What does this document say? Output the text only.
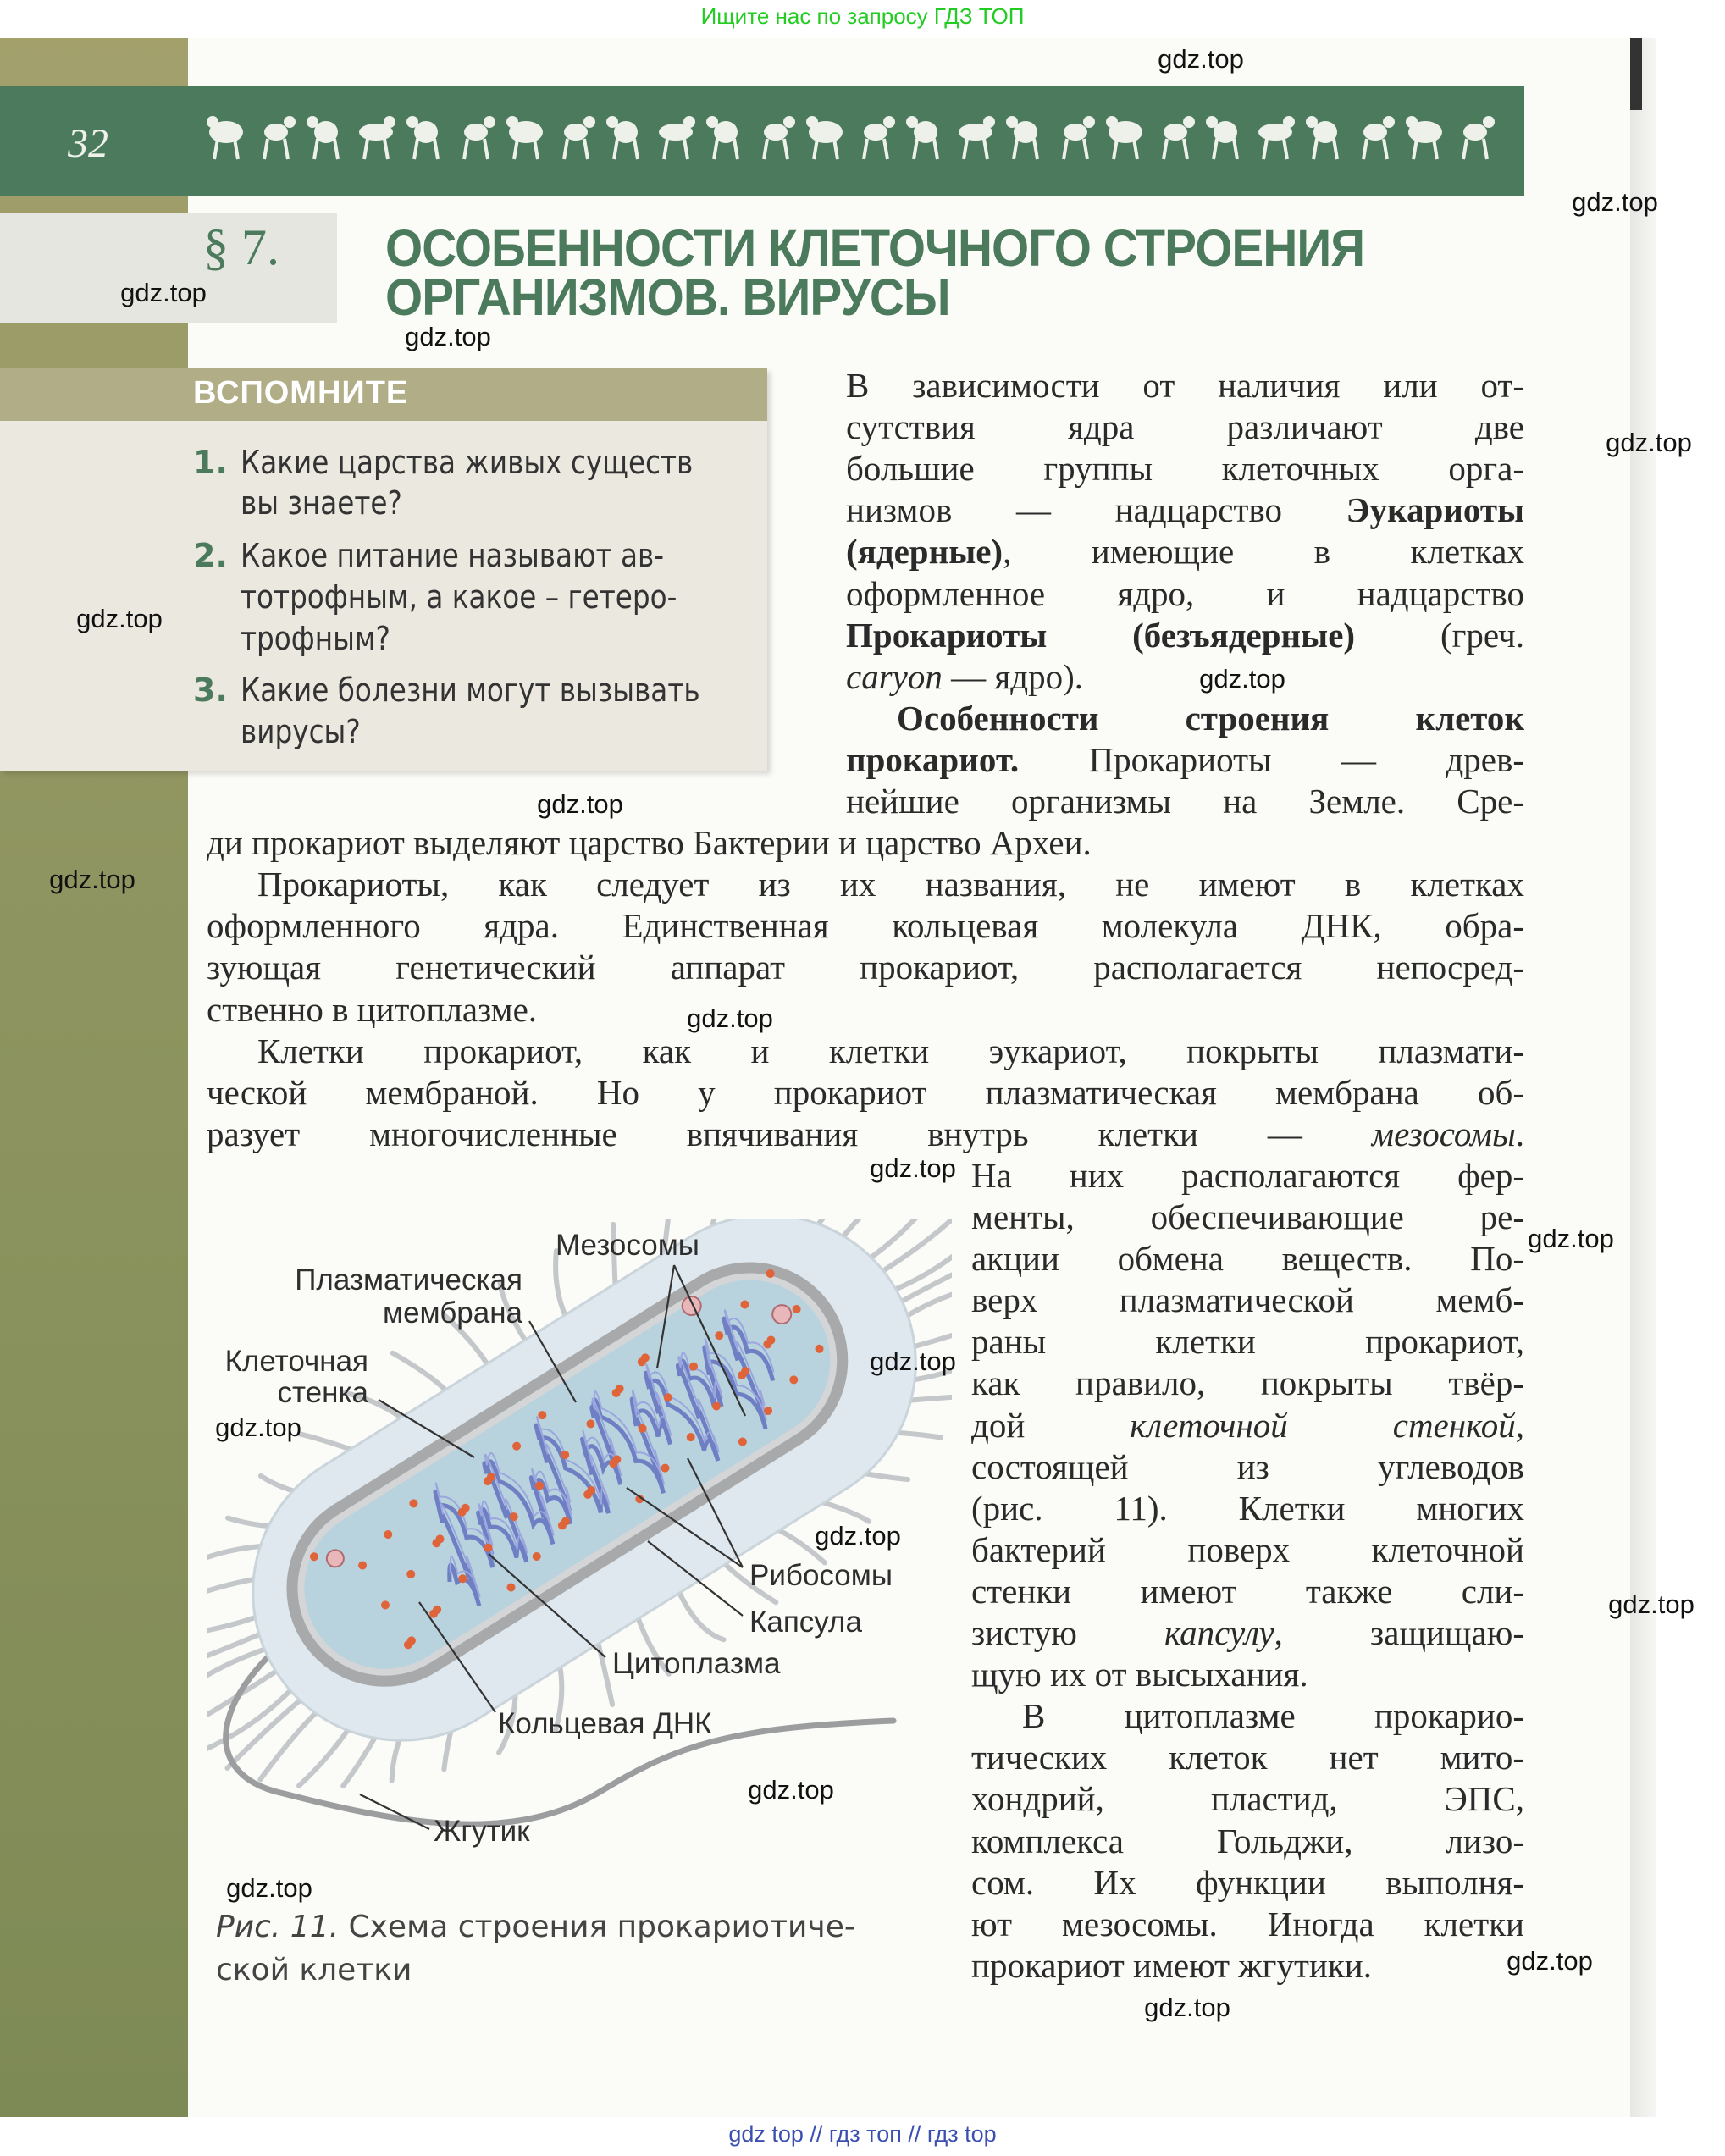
Ищите нас по запросу ГДЗ ТОП
32
§ 7. ОСОБЕННОСТИ КЛЕТОЧНОГО СТРОЕНИЯ
ОРГАНИЗМОВ. ВИРУСЫ
ВСПОМНИТЕ
1. Какие царства живых существ
вы знаете?
2. Какое питание называют ав-
тотрофным, а какое – гетеро-
трофным?
3. Какие болезни могут вызывать
вирусы?
В зависимости от наличия или от-
сутствия ядра различают две
большие группы клеточных орга-
низмов — надцарство Эукариоты
(ядерные), имеющие в клетках
оформленное ядро, и надцарство
Прокариоты (безъядерные) (греч.
caryon — ядро).
Особенности строения клеток
прокариот. Прокариоты — древ-
нейшие организмы на Земле. Сре-
ди прокариот выделяют царство Бактерии и царство Археи.
Прокариоты, как следует из их названия, не имеют в клетках
оформленного ядра. Единственная кольцевая молекула ДНК, обра-
зующая генетический аппарат прокариот, располагается непосред-
ственно в цитоплазме.
Клетки прокариот, как и клетки эукариот, покрыты плазмати-
ческой мембраной. Но у прокариот плазматическая мембрана об-
разует многочисленные впячивания внутрь клетки — мезосомы.
На них располагаются фер-
менты, обеспечивающие ре-
акции обмена веществ. По-
верх плазматической мемб-
раны клетки прокариот,
как правило, покрыты твёр-
дой клеточной стенкой,
состоящей из углеводов
(рис. 11). Клетки многих
бактерий поверх клеточной
стенки имеют также сли-
зистую капсулу, защищаю-
щую их от высыхания.
В цитоплазме прокарио-
тических клеток нет мито-
хондрий, пластид, ЭПС,
комплекса Гольджи, лизо-
сом. Их функции выполня-
ют мезосомы. Иногда клетки
прокариот имеют жгутики.
Мезосомы
Плазматическая
мембрана
Клеточная
стенка
Рибосомы
Капсула
Цитоплазма
Кольцевая ДНК
Жгутик
Рис. 11. Схема строения прокариотиче-
ской клетки
gdz.top
gdz.top
gdz.top
gdz.top
gdz.top
gdz.top
gdz.top
gdz.top
gdz.top
gdz.top
gdz.top
gdz.top
gdz.top
gdz.top
gdz.top
gdz.top
gdz.top
gdz.top
gdz.top
gdz.top
gdz top // гдз топ // гдз top
